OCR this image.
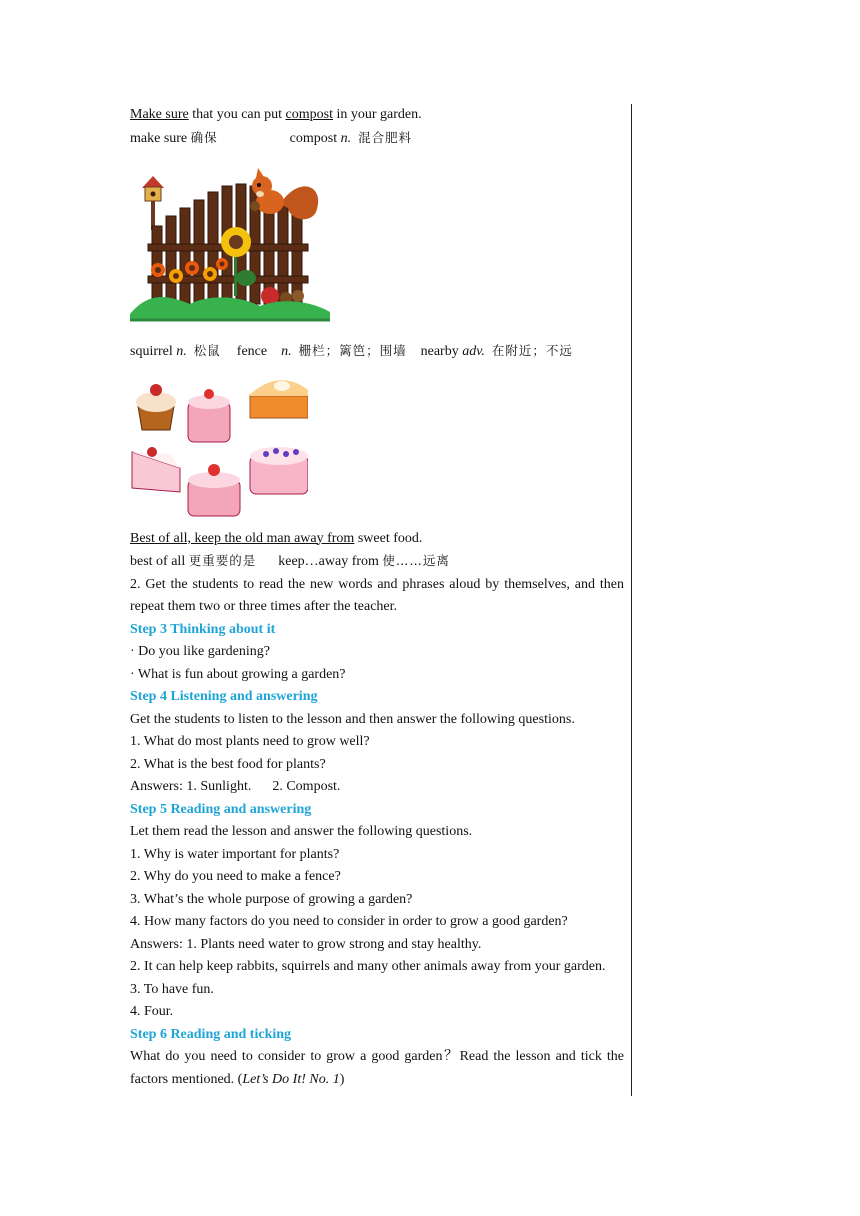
Make sure that you can put compost in your garden.
make sure 确保	compost n. 混合肥料
squirrel n. 松鼠 fence n. 栅栏；篱笆；围墙 nearby adv. 在附近；不远
Best of all, keep the old man away from sweet food.
best of all 更重要的是 keep…away from 使……远离
2. Get the students to read the new words and phrases aloud by themselves, and then repeat them two or three times after the teacher.
Step 3 Thinking about it
· Do you like gardening?
· What is fun about growing a garden?
Step 4 Listening and answering
Get the students to listen to the lesson and then answer the following questions.
1. What do most plants need to grow well?
2. What is the best food for plants?
Answers: 1. Sunlight.      2. Compost.
Step 5 Reading and answering
Let them read the lesson and answer the following questions.
1. Why is water important for plants?
2. Why do you need to make a fence?
3. What’s the whole purpose of growing a garden?
4. How many factors do you need to consider in order to grow a good garden?
Answers: 1. Plants need water to grow strong and stay healthy.
2. It can help keep rabbits, squirrels and many other animals away from your garden.
3. To have fun.
4. Four.
Step 6 Reading and ticking
What do you need to consider to grow a good garden？Read the lesson and tick the factors mentioned. (Let’s Do It! No. 1)
